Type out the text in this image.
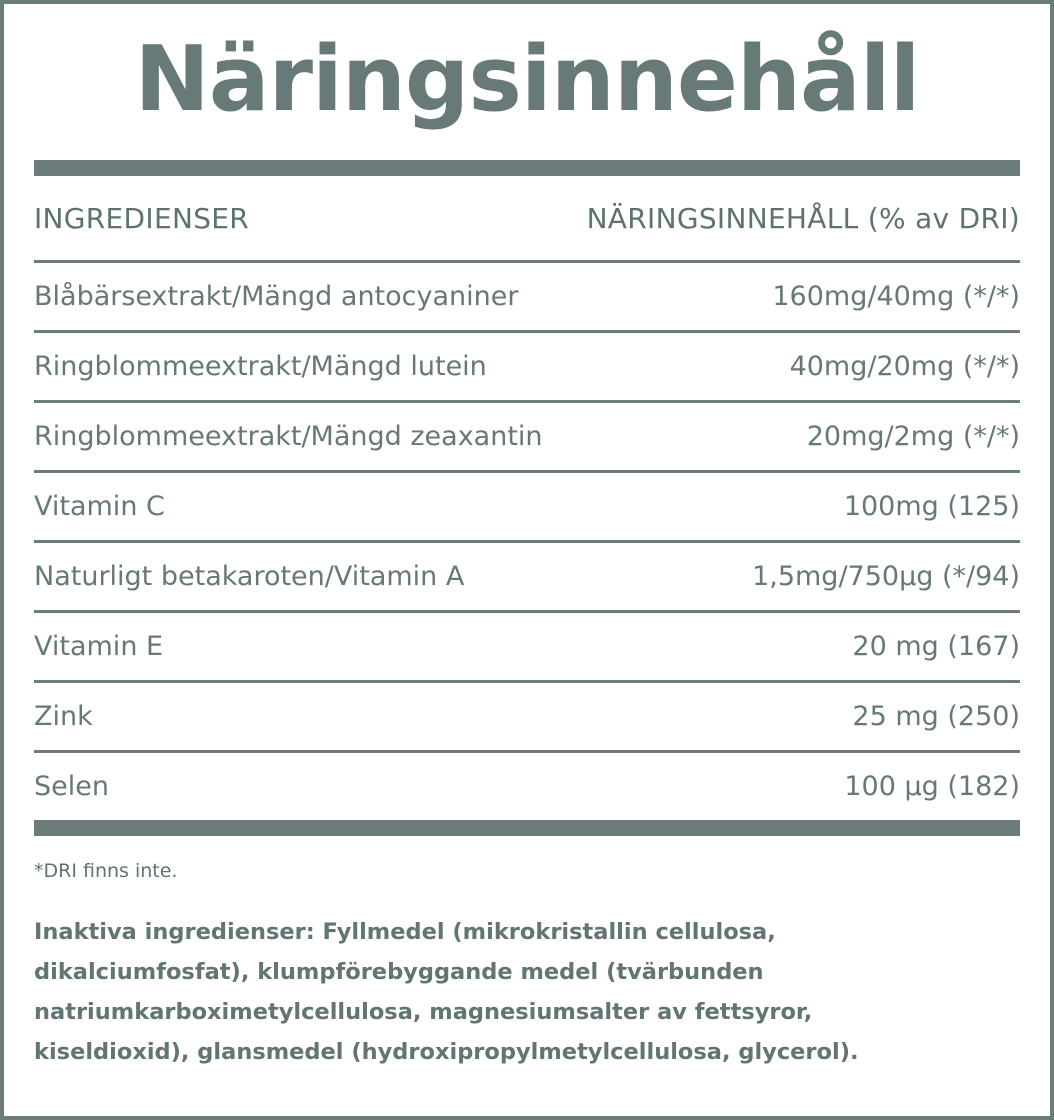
Näringsinnehåll
INGREDIENSER	NÄRINGSINNEHÅLL (% av DRI)
Blåbärsextrakt/Mängd antocyaniner	160mg/40mg (*/*)
Ringblommeextrakt/Mängd lutein	40mg/20mg (*/*)
Ringblommeextrakt/Mängd zeaxantin	20mg/2mg (*/*)
Vitamin C	100mg (125)
Naturligt betakaroten/Vitamin A	1,5mg/750µg (*/94)
Vitamin E	20 mg (167)
Zink	25 mg (250)
Selen	100 µg (182)
*DRI finns inte.
Inaktiva ingredienser: Fyllmedel (mikrokristallin cellulosa,
dikalciumfosfat), klumpförebyggande medel (tvärbunden
natriumkarboximetylcellulosa, magnesiumsalter av fettsyror,
kiseldioxid), glansmedel (hydroxipropylmetylcellulosa, glycerol).
